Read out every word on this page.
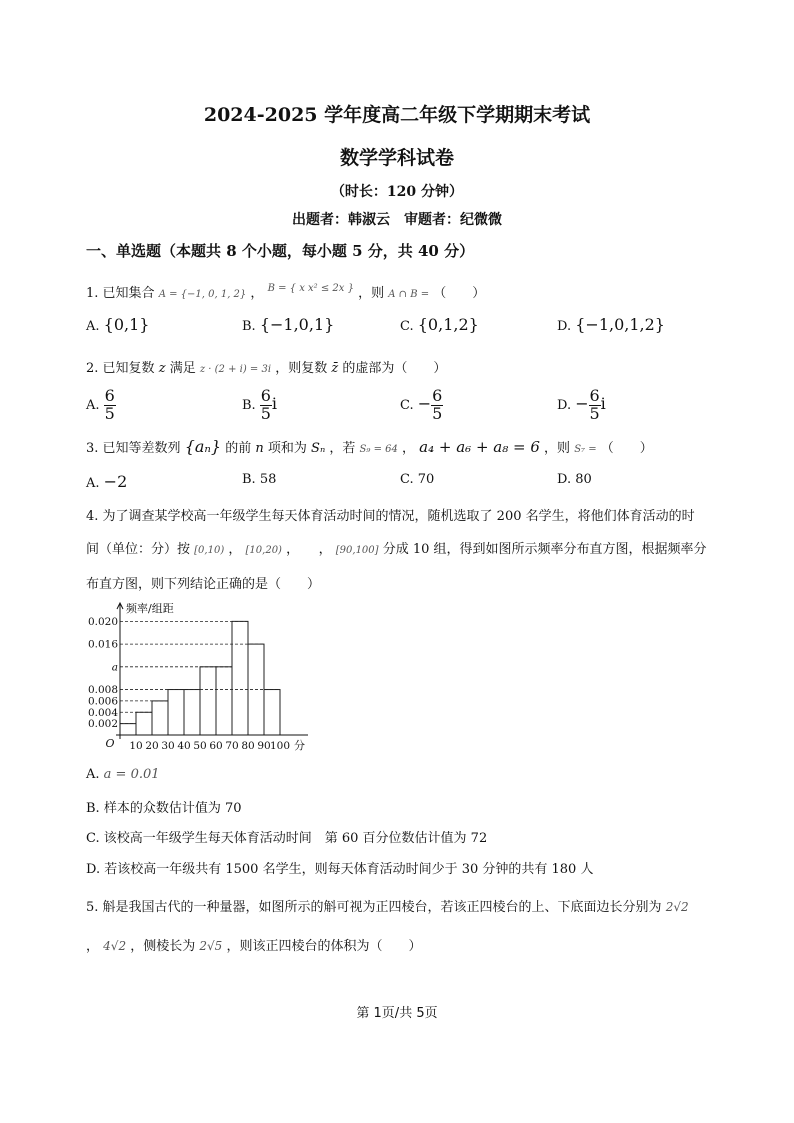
2024-2025 学年度高二年级下学期期末考试
数学学科试卷
（时长：120 分钟）
出题者：韩淑云　审题者：纪微微
一、单选题（本题共 8 个小题，每小题 5 分，共 40 分）
1. 已知集合 A = {−1, 0, 1, 2} ， $^{B = \{ x x^2 \le 2x \}}$ ，则 A ∩ B = （　　）
A. {0,1}	B. {−1,0,1}	C. {0,1,2}	D. {−1,0,1,2}
2. 已知复数 z 满足 z · (2 + i) = 3i ，则复数 z̄ 的虚部为（　　）
A. $\frac{6}{5}$	B. $\frac{6}{5}$ i	C. − $\frac{6}{5}$	D. − $\frac{6}{5}$ i
3. 已知等差数列 {aₙ} 的前 n 项和为 Sₙ ，若 S₉ = 64 ， a₄ + a₆ + a₈ = 6 ，则 S₇ = （　　）
A. −2	B. 58	C. 70	D. 80
4. 为了调查某学校高一年级学生每天体育活动时间的情况，随机选取了 200 名学生，将他们体育活动的时
间（单位：分）按 [0,10) ， [10,20) ，　　， [90,100] 分成 10 组，得到如图所示频率分布直方图，根据频率分
布直方图，则下列结论正确的是（　　）
0.020
0.016
a
0.008
0.006
0.004
0.002
10 20 30 40 50 60 70 80 90 100 分
O
频率/组距
A. a = 0.01
B. 样本的众数估计值为 70
C. 该校高一年级学生每天体育活动时间　第 60 百分位数估计值为 72
D. 若该校高一年级共有 1500 名学生，则每天体育活动时间少于 30 分钟的共有 180 人
5. 斛是我国古代的一种量器，如图所示的斛可视为正四棱台，若该正四棱台的上、下底面边长分别为 2√2
， 4√2 ，侧棱长为 2√5 ，则该正四棱台的体积为（　　）
第 1页/共 5页
